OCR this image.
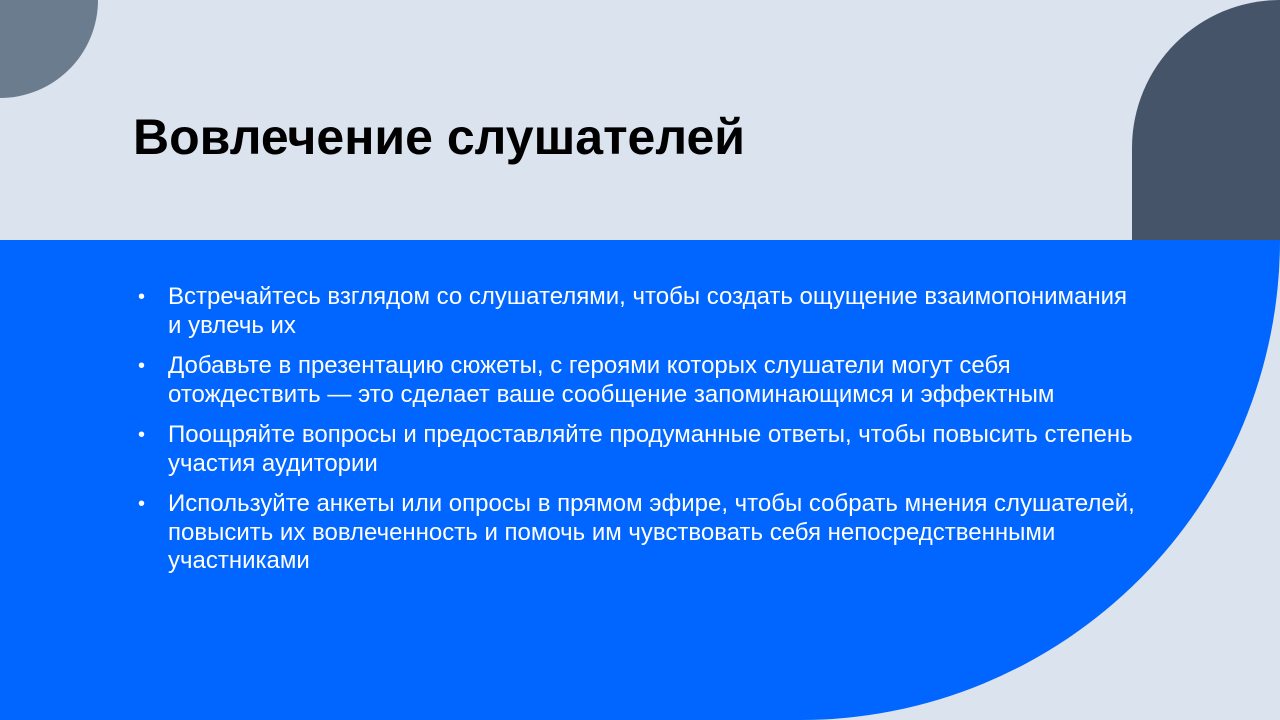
Вовлечение слушателей
• Встречайтесь взглядом со слушателями, чтобы создать ощущение взаимопонимания и увлечь их
• Добавьте в презентацию сюжеты, с героями которых слушатели могут себя отождествить — это сделает ваше сообщение запоминающимся и эффектным
• Поощряйте вопросы и предоставляйте продуманные ответы, чтобы повысить степень участия аудитории
• Используйте анкеты или опросы в прямом эфире, чтобы собрать мнения слушателей, повысить их вовлеченность и помочь им чувствовать себя непосредственными участниками
